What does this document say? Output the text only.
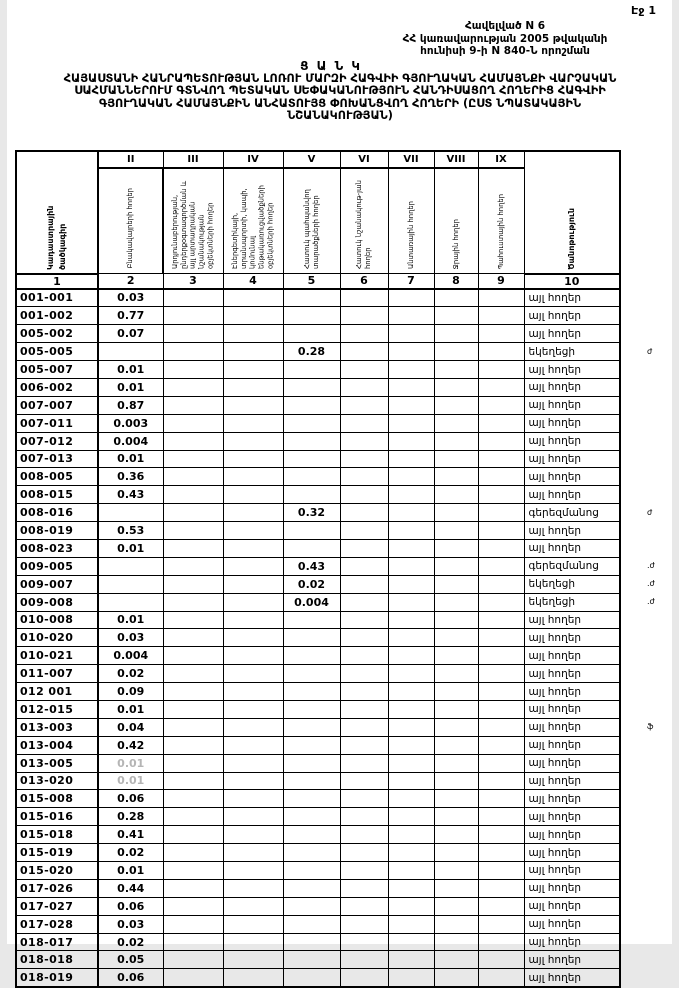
Էջ 1
Հավելված N 6
ՀՀ կառավարության 2005 թվականի
հունիսի 9-ի N 840-Ն որոշման
Ց Ա Ն Կ
ՀԱՅԱՍՏԱՆԻ ՀԱՆՐԱՊԵՏՈՒԹՅԱՆ ԼՈՌՈՒ ՄԱՐԶԻ ՀԱԳՎԻԻ ԳՅՈՒՂԱԿԱՆ ՀԱՄԱՅՆՔԻ ՎԱՐՉԱԿԱՆ
ՍԱՀՄԱՆՆԵՐՈՒՄ ԳՏՆՎՈՂ ՊԵՏԱԿԱՆ ՍԵՓԱԿԱՆՈՒԹՅՈՒՆ ՀԱՆԴԻՍԱՑՈՂ ՀՈՂԵՐԻՑ ՀԱԳՎԻԻ
ԳՅՈՒՂԱԿԱՆ ՀԱՄԱՅՆՔԻՆ ԱՆՀԱՏՈՒՅՑ ՓՈԽԱՆՑՎՈՂ ՀՈՂԵՐԻ (ԸՍՏ ՆՊԱՏԱԿԱՅԻՆ
ՆՇԱՆԱԿՈՒԹՅԱՆ)
Կադաստրային ծածկագիր	II	III	IV	V	VI	VII	VIII	IX	Ծանոթություն
	Բնակավայրերի հողեր	Արդյունաբերության, ընդերքօգտագործման և այլ արտադրական նշանակության օբյեկտների հողեր	Էներգետիկայի, տրանսպորտի, կապի, կոմունալ ենթակառուցվածքների օբյեկտների հողեր	Հատուկ պահպանվող տարածքների հողեր	Հատուկ նշանակութ-յան հողեր	Անտառային հողեր	Ջրային հողեր	Պահուստային հողեր	
1	2	3	4	5	6	7	8	9	10
001-001	0.03								այլ հողեր
001-002	0.77								այլ հողեր
005-002	0.07								այլ հողեր
005-005				0.28					եկեղեցի
005-007	0.01								այլ հողեր
006-002	0.01								այլ հողեր
007-007	0.87								այլ հողեր
007-011	0.003								այլ հողեր
007-012	0.004								այլ հողեր
007-013	0.01								այլ հողեր
008-005	0.36								այլ հողեր
008-015	0.43								այլ հողեր
008-016				0.32					գերեզմանոց
008-019	0.53								այլ հողեր
008-023	0.01								այլ հողեր
009-005				0.43					գերեզմանոց
009-007				0.02					եկեղեցի
009-008				0.004					եկեղեցի
010-008	0.01								այլ հողեր
010-020	0.03								այլ հողեր
010-021	0.004								այլ հողեր
011-007	0.02								այլ հողեր
012 001	0.09								այլ հողեր
012-015	0.01								այլ հողեր
013-003	0.04								այլ հողեր
013-004	0.42								այլ հողեր
013-005	0.01								այլ հողեր
013-020	0.01								այլ հողեր
015-008	0.06								այլ հողեր
015-016	0.28								այլ հողեր
015-018	0.41								այլ հողեր
015-019	0.02								այլ հողեր
015-020	0.01								այլ հողեր
017-026	0.44								այլ հողեր
017-027	0.06								այլ հողեր
017-028	0.03								այլ հողեր
018-017	0.02								այլ հողեր
018-018	0.05								այլ հողեր
018-019	0.06								այլ հողեր
ժ
ժ
.ժ
.ժ
.ժ
ֆ
